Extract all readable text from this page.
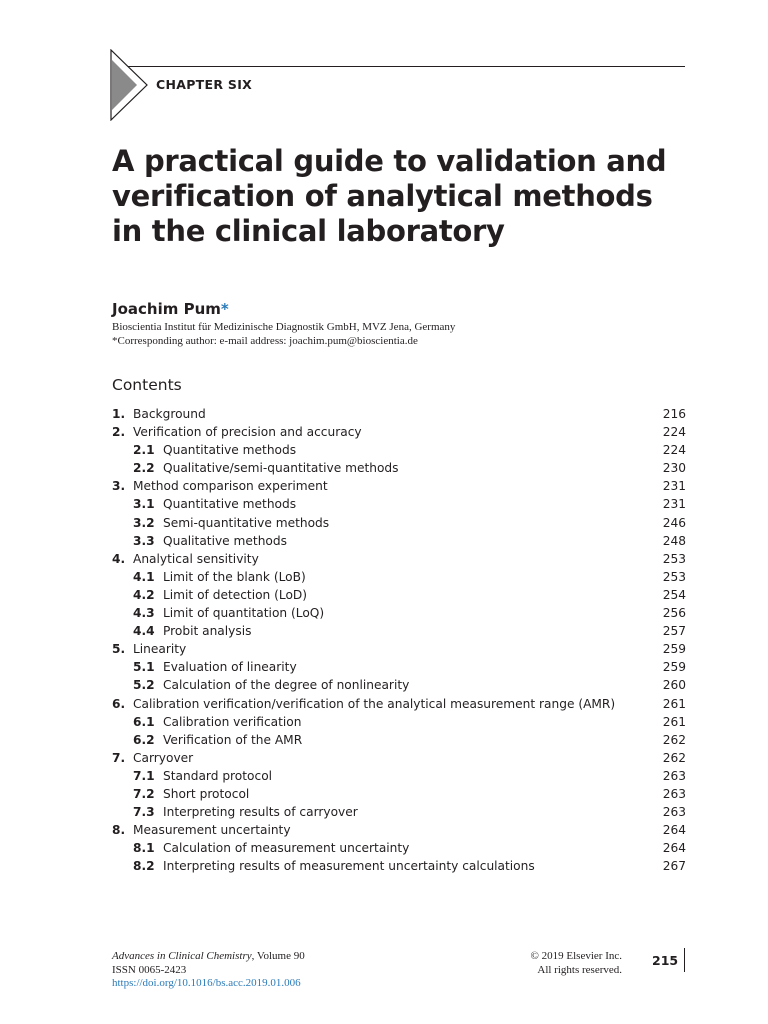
CHAPTER SIX
A practical guide to validation and verification of analytical methods in the clinical laboratory
Joachim Pum*
Bioscientia Institut für Medizinische Diagnostik GmbH, MVZ Jena, Germany
*Corresponding author: e-mail address: joachim.pum@bioscientia.de
Contents
1. Background	216
2. Verification of precision and accuracy	224
2.1 Quantitative methods	224
2.2 Qualitative/semi-quantitative methods	230
3. Method comparison experiment	231
3.1 Quantitative methods	231
3.2 Semi-quantitative methods	246
3.3 Qualitative methods	248
4. Analytical sensitivity	253
4.1 Limit of the blank (LoB)	253
4.2 Limit of detection (LoD)	254
4.3 Limit of quantitation (LoQ)	256
4.4 Probit analysis	257
5. Linearity	259
5.1 Evaluation of linearity	259
5.2 Calculation of the degree of nonlinearity	260
6. Calibration verification/verification of the analytical measurement range (AMR)	261
6.1 Calibration verification	261
6.2 Verification of the AMR	262
7. Carryover	262
7.1 Standard protocol	263
7.2 Short protocol	263
7.3 Interpreting results of carryover	263
8. Measurement uncertainty	264
8.1 Calculation of measurement uncertainty	264
8.2 Interpreting results of measurement uncertainty calculations	267
Advances in Clinical Chemistry, Volume 90
ISSN 0065-2423
https://doi.org/10.1016/bs.acc.2019.01.006
© 2019 Elsevier Inc.
All rights reserved.
215
